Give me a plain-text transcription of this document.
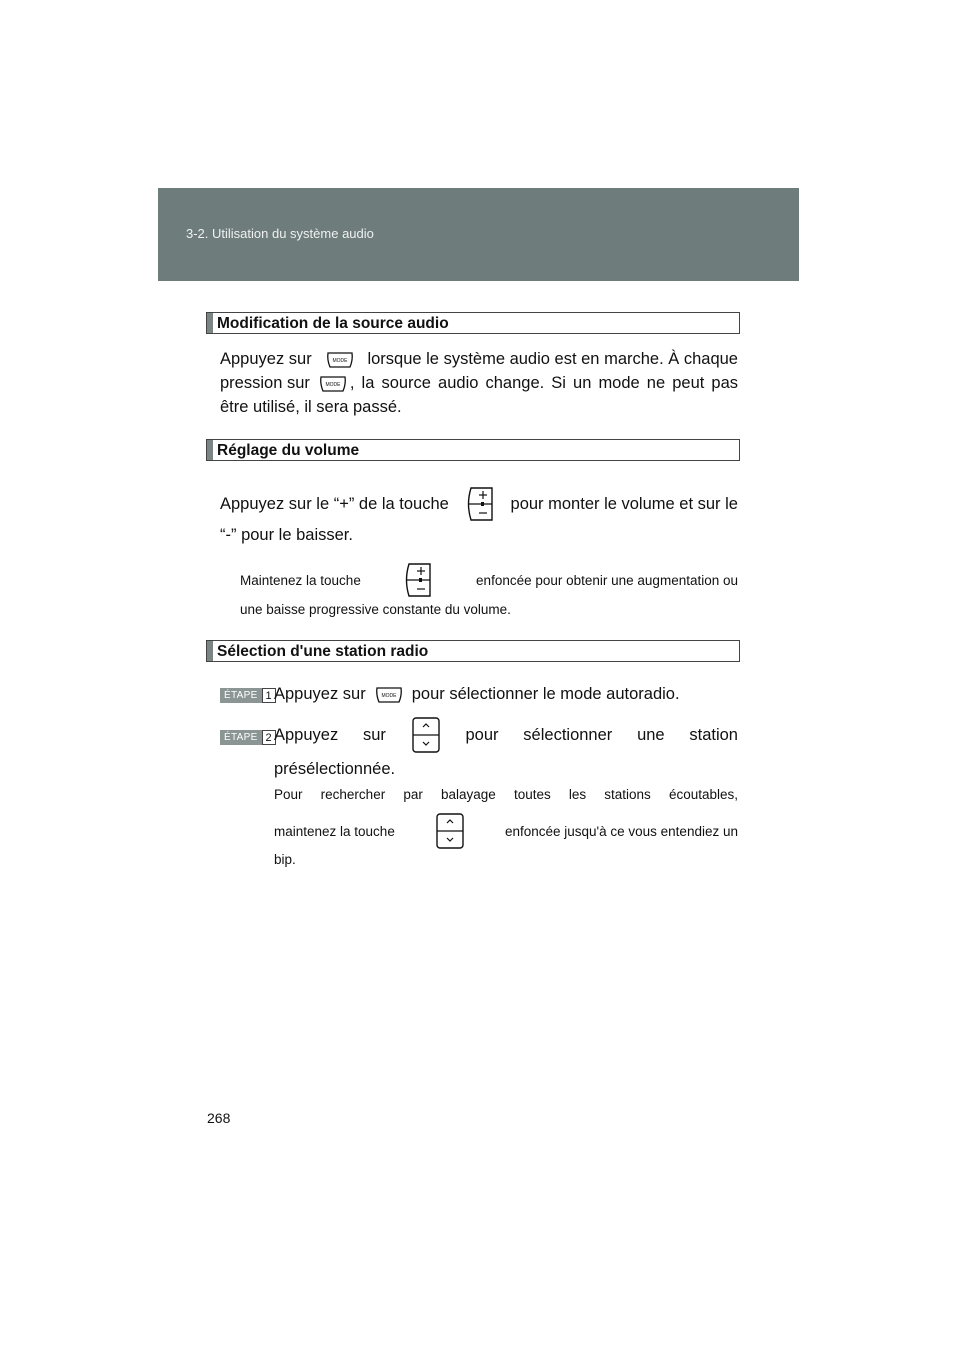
3-2. Utilisation du système audio
Modification de la source audio
Appuyez sur	MODE lorsque le système audio est en marche. À chaque
pression sur	MODE , la source audio change. Si un mode ne peut pas
être utilisé, il sera passé.
Réglage du volume
Appuyez sur le “+” de la touche	pour monter le volume et sur le
“-” pour le baisser.
Maintenez la touche	enfoncée pour obtenir une augmentation ou
une baisse progressive constante du volume.
Sélection d'une station radio
ÉTAPE 1 Appuyez sur	MODE pour sélectionner le mode autoradio.
ÉTAPE 2 Appuyez sur	pour sélectionner une station
présélectionnée.
Pour rechercher par balayage toutes les stations écoutables,
maintenez la touche	enfoncée jusqu'à ce vous entendiez un
bip.
268
